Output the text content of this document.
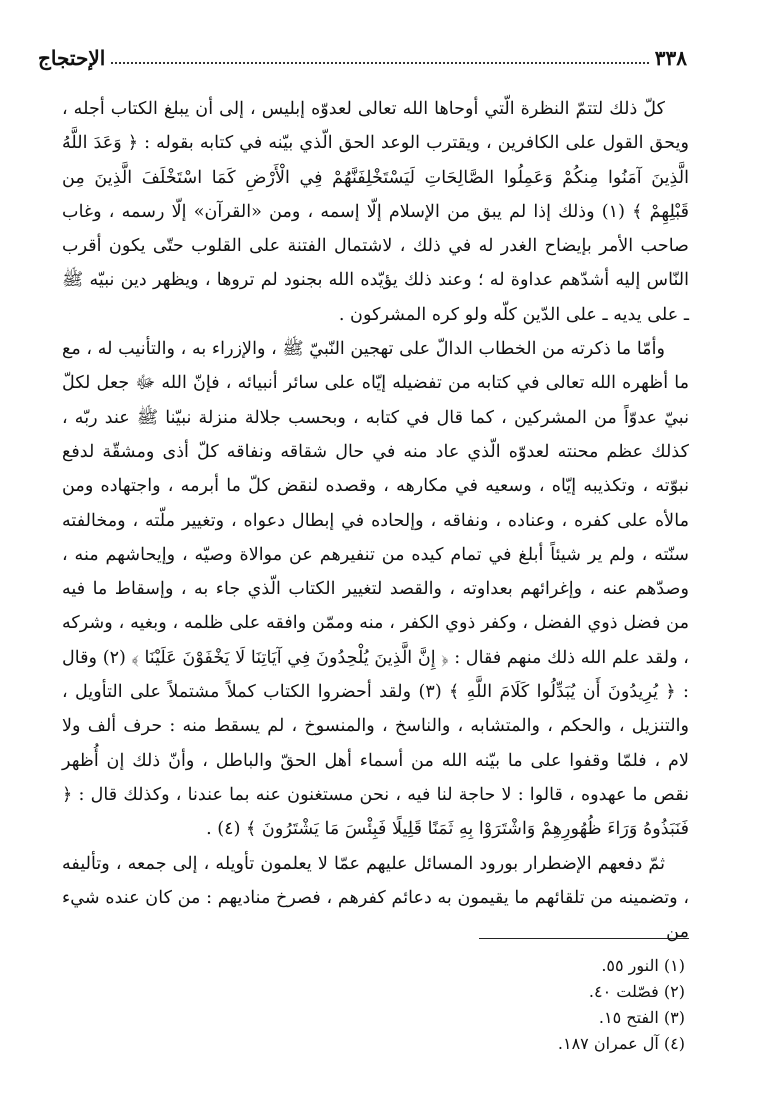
٣٣٨
الإحتجاج

كلّ ذلك لتتمّ النظرة الّتي أوحاها الله تعالى لعدوّه إبليس ، إلى أن يبلغ الكتاب أجله ، ويحق القول على الكافرين ، ويقترب الوعد الحق الّذي بيّنه في كتابه بقوله : ﴿ وَعَدَ اللَّهُ الَّذِينَ آمَنُوا مِنكُمْ وَعَمِلُوا الصَّالِحَاتِ لَيَسْتَخْلِفَنَّهُمْ فِي الْأَرْضِ كَمَا اسْتَخْلَفَ الَّذِينَ مِن قَبْلِهِمْ ﴾ (١) وذلك إذا لم يبق من الإسلام إلّا إسمه ، ومن «القرآن» إلّا رسمه ، وغاب صاحب الأمر بإيضاح الغدر له في ذلك ، لاشتمال الفتنة على القلوب حتّى يكون أقرب النّاس إليه أشدّهم عداوة له ؛ وعند ذلك يؤيّده الله بجنود لم تروها ، ويظهر دين نبيّه ﷺ ـ على يديه ـ على الدّين كلّه ولو كره المشركون .

وأمّا ما ذكرته من الخطاب الدالّ على تهجين النّبيّ ﷺ ، والإزراء به ، والتأنيب له ، مع ما أظهره الله تعالى في كتابه من تفضيله إيّاه على سائر أنبيائه ، فإنّ الله ﷻ جعل لكلّ نبيّ عدوّاً من المشركين ، كما قال في كتابه ، وبحسب جلالة منزلة نبيّنا ﷺ عند ربّه ، كذلك عظم محنته لعدوّه الّذي عاد منه في حال شقاقه ونفاقه كلّ أذى ومشقّة لدفع نبوّته ، وتكذيبه إيّاه ، وسعيه في مكارهه ، وقصده لنقض كلّ ما أبرمه ، واجتهاده ومن مالأه على كفره ، وعناده ، ونفاقه ، وإلحاده في إبطال دعواه ، وتغيير ملّته ، ومخالفته سنّته ، ولم ير شيئاً أبلغ في تمام كيده من تنفيرهم عن موالاة وصيّه ، وإيحاشهم منه ، وصدّهم عنه ، وإغرائهم بعداوته ، والقصد لتغيير الكتاب الّذي جاء به ، وإسقاط ما فيه من فضل ذوي الفضل ، وكفر ذوي الكفر ، منه وممّن وافقه على ظلمه ، وبغيه ، وشركه ، ولقد علم الله ذلك منهم فقال : ﴿ إِنَّ الَّذِينَ يُلْحِدُونَ فِي آيَاتِنَا لَا يَخْفَوْنَ عَلَيْنَا ﴾ (٢) وقال : ﴿ يُرِيدُونَ أَن يُبَدِّلُوا كَلَامَ اللَّهِ ﴾ (٣) ولقد أحضروا الكتاب كملاً مشتملاً على التأويل ، والتنزيل ، والحكم ، والمتشابه ، والناسخ ، والمنسوخ ، لم يسقط منه : حرف ألف ولا لام ، فلمّا وقفوا على ما بيّنه الله من أسماء أهل الحقّ والباطل ، وأنّ ذلك إن أُظهر نقص ما عهدوه ، قالوا : لا حاجة لنا فيه ، نحن مستغنون عنه بما عندنا ، وكذلك قال : ﴿ فَنَبَذُوهُ وَرَاءَ ظُهُورِهِمْ وَاشْتَرَوْا بِهِ ثَمَنًا قَلِيلًا فَبِئْسَ مَا يَشْتَرُونَ ﴾ (٤) .

ثمّ دفعهم الإضطرار بورود المسائل عليهم عمّا لا يعلمون تأويله ، إلى جمعه ، وتأليفه ، وتضمينه من تلقائهم ما يقيمون به دعائم كفرهم ، فصرخ مناديهم : من كان عنده شيء من

(١) النور ٥٥.
(٢) فصّلت ٤٠.
(٣) الفتح ١٥.
(٤) آل عمران ١٨٧.
